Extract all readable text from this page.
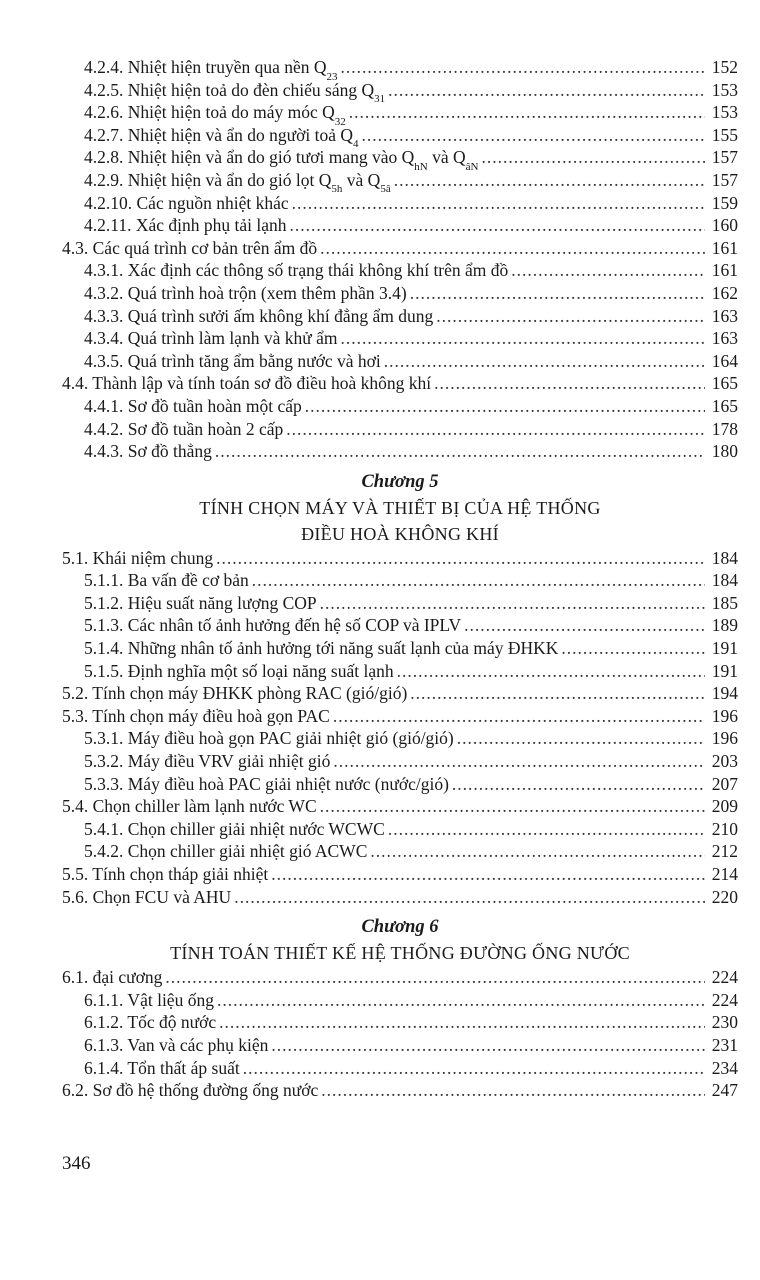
4.2.4. Nhiệt hiện truyền qua nền $Q_{23}$ .....	152
4.2.5. Nhiệt hiện toả do đèn chiếu sáng $Q_{31}$ .....	153
4.2.6. Nhiệt hiện toả do máy móc $Q_{32}$ .....	153
4.2.7. Nhiệt hiện và ẩn do người toả $Q_4$ .....	155
4.2.8. Nhiệt hiện và ẩn do gió tươi mang vào $Q_{hN}$ và $Q_{âN}$ .....	157
4.2.9. Nhiệt hiện và ẩn do gió lọt $Q_{5h}$ và $Q_{5â}$ .....	157
4.2.10. Các nguồn nhiệt khác .....	159
4.2.11. Xác định phụ tải lạnh .....	160
4.3. Các quá trình cơ bản trên ẩm đồ .....	161
4.3.1. Xác định các thông số trạng thái không khí trên ẩm đồ .....	161
4.3.2. Quá trình hoà trộn (xem thêm phần 3.4) .....	162
4.3.3. Quá trình sưởi ấm không khí đẳng ẩm dung .....	163
4.3.4. Quá trình làm lạnh và khử ẩm .....	163
4.3.5. Quá trình tăng ẩm bằng nước và hơi .....	164
4.4. Thành lập và tính toán sơ đồ điều hoà không khí .....	165
4.4.1. Sơ đồ tuần hoàn một cấp .....	165
4.4.2. Sơ đồ tuần hoàn 2 cấp .....	178
4.4.3. Sơ đồ thẳng .....	180
Chương 5
TÍNH CHỌN MÁY VÀ THIẾT BỊ CỦA HỆ THỐNG
ĐIỀU HOÀ KHÔNG KHÍ
5.1. Khái niệm chung .....	184
5.1.1. Ba vấn đề cơ bản .....	184
5.1.2. Hiệu suất năng lượng COP .....	185
5.1.3. Các nhân tố ảnh hưởng đến hệ số COP và IPLV .....	189
5.1.4. Những nhân tố ảnh hưởng tới năng suất lạnh của máy ĐHKK .....	191
5.1.5. Định nghĩa một số loại năng suất lạnh .....	191
5.2. Tính chọn máy ĐHKK phòng RAC (gió/gió) .....	194
5.3. Tính chọn máy điều hoà gọn PAC .....	196
5.3.1. Máy điều hoà gọn PAC giải nhiệt gió (gió/gió) .....	196
5.3.2. Máy điều VRV giải nhiệt gió .....	203
5.3.3. Máy điều hoà PAC giải nhiệt nước (nước/gió) .....	207
5.4. Chọn chiller làm lạnh nước WC .....	209
5.4.1. Chọn chiller giải nhiệt nước WCWC .....	210
5.4.2. Chọn chiller giải nhiệt gió ACWC .....	212
5.5. Tính chọn tháp giải nhiệt .....	214
5.6. Chọn FCU và AHU .....	220
Chương 6
TÍNH TOÁN THIẾT KẾ HỆ THỐNG ĐƯỜNG ỐNG NƯỚC
6.1. đại cương .....	224
6.1.1. Vật liệu ống .....	224
6.1.2. Tốc độ nước .....	230
6.1.3. Van và các phụ kiện .....	231
6.1.4. Tổn thất áp suất .....	234
6.2. Sơ đồ hệ thống đường ống nước .....	247
346
